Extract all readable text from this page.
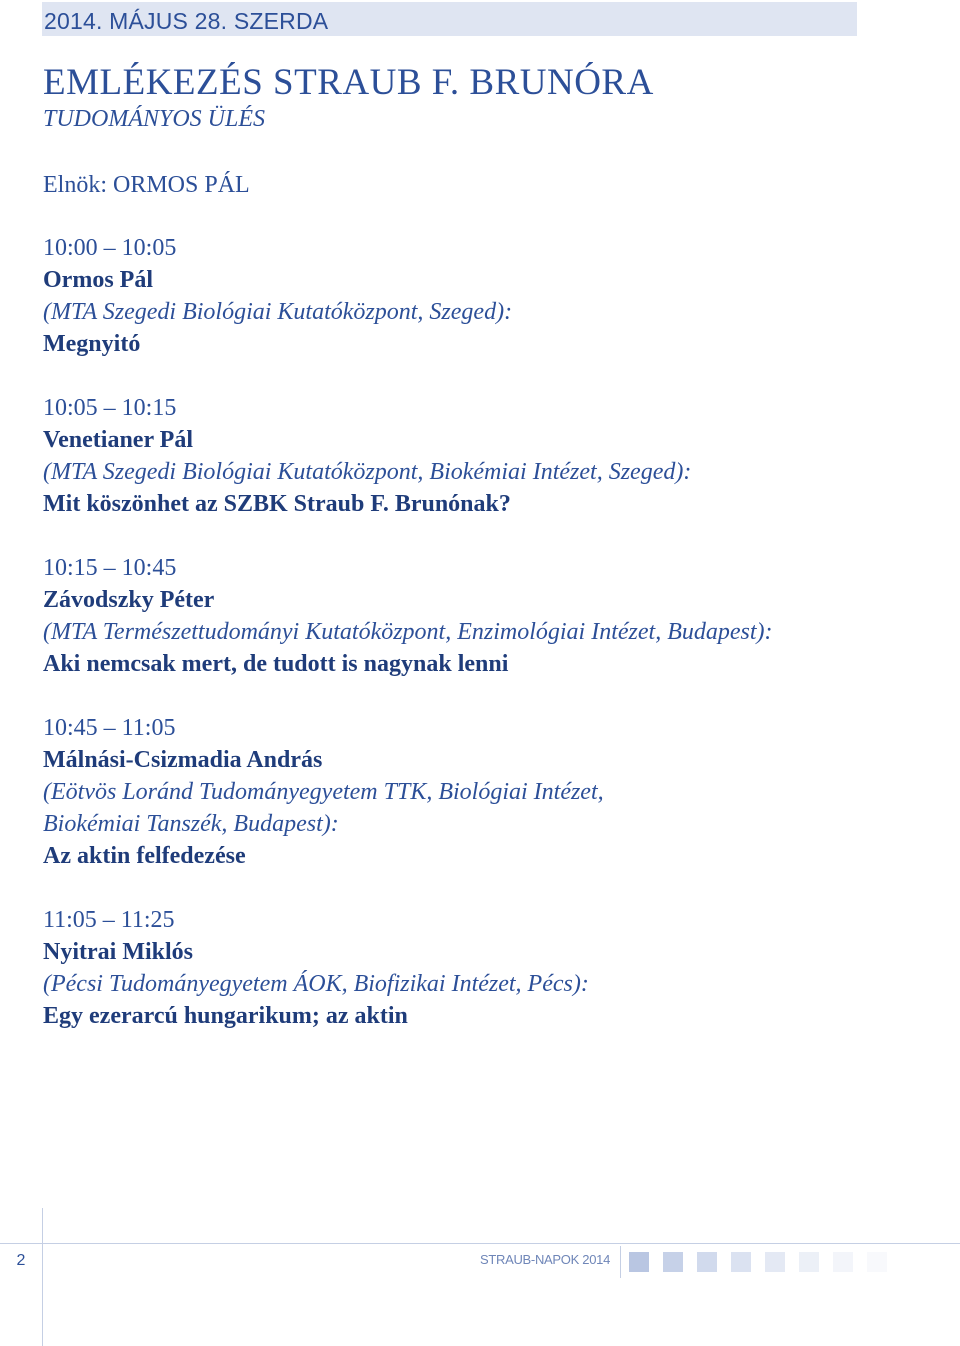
2014. MÁJUS 28. SZERDA
EMLÉKEZÉS STRAUB F. BRUNÓRA
TUDOMÁNYOS ÜLÉS
Elnök: ORMOS PÁL
10:00 – 10:05
Ormos Pál
(MTA Szegedi Biológiai Kutatóközpont, Szeged):
Megnyitó
10:05 – 10:15
Venetianer Pál
(MTA Szegedi Biológiai Kutatóközpont, Biokémiai Intézet, Szeged):
Mit köszönhet az SZBK Straub F. Brunónak?
10:15 – 10:45
Závodszky Péter
(MTA Természettudományi Kutatóközpont, Enzimológiai Intézet, Budapest):
Aki nemcsak mert, de tudott is nagynak lenni
10:45 – 11:05
Málnási-Csizmadia András
(Eötvös Loránd Tudományegyetem TTK, Biológiai Intézet,
Biokémiai Tanszék, Budapest):
Az aktin felfedezése
11:05 – 11:25
Nyitrai Miklós
(Pécsi Tudományegyetem ÁOK, Biofizikai Intézet, Pécs):
Egy ezerarcú hungarikum; az aktin
2	STRAUB-NAPOK 2014
